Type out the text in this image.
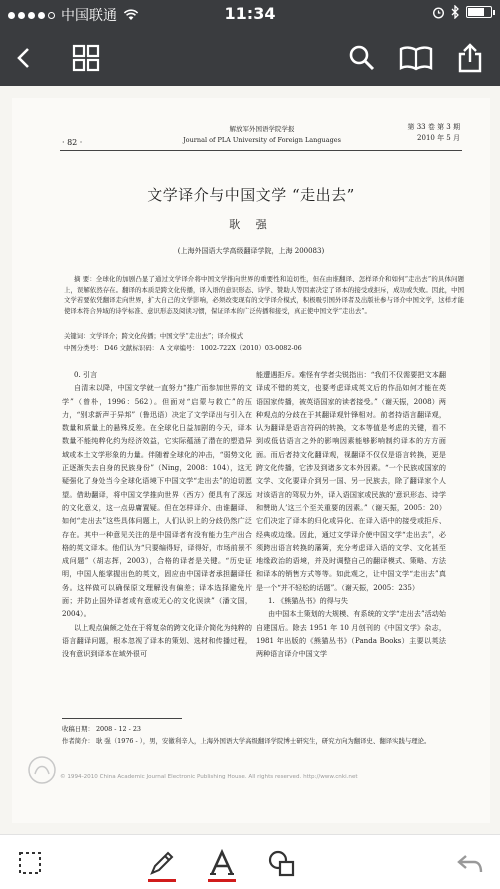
中国联通	11:34
· 82 ·
解放军外国语学院学报
Journal of PLA University of Foreign Languages
第 33 卷 第 3 期
2010 年 5 月
文学译介与中国文学 “走出去”
耿 强
(上海外国语大学高级翻译学院，上海 200083)
摘 要：全球化的加剧凸显了通过文学译介将中国文学推向世界的重要性和迫切性，但在由谁翻译、怎样译介和如何“走出去”的具体问题上，误解依然存在。翻译的本质是跨文化传播，译入语的意识形态、诗学、赞助人等因素决定了译本的接受或拒斥，成功或失败。因此，中国文学若要依凭翻译走向世界，扩大自己的文学影响，必须改变现有的文学译介模式，积极吸引国外译者及出版社参与译介中国文学，这样才能使译本符合异域的诗学标准、意识形态及阅读习惯，保证译本的广泛传播和接受，真正使中国文学“走出去”。
关键词：文学译介；跨文化传播；中国文学“走出去”；译介模式
中图分类号： D46 文献标识码： A 文章编号： 1002-722X（2010）03-0082-06

0. 引言

自清末以降，中国文学就一直努力“推广而参加世界的文学”（曾朴，1996：562）。但面对“启蒙与救亡”的压力，“别求新声于异邦”（鲁迅语）决定了文学译出与引入在数量和质量上的悬殊反差。在全球化日益加剧的今天，译本数量不能纯粹化约为经济效益，它实际蕴涵了潜在的塑造异域或本土文学形象的力量。伴随着全球化的冲击，“弱势文化正逐渐失去自身的民族身份”（Ning，2008：104），这无疑强化了身处当今全球化语境下中国文学“走出去”的迫切愿望。借助翻译，将中国文学推向世界（西方）便具有了深远的文化意义，这一点毋庸置疑。但在怎样译介、由谁翻译、如何“走出去”这些具体问题上，人们认识上的分歧仍然广泛存在。其中一种意见关注的是中国译者有没有能力生产出合格的英文译本。他们认为“只要编得好，译得好，市场前景不成问题”（胡志挥，2003），合格的译者是关键。“历史证明，中国人能掌握出色的英文，固应由中国译者承担翻译任务。这样做可以确保原文理解没有偏差；译本选择避免片面；并防止国外译者或有意或无心的文化误读”（潘文国，2004）。

以上观点偏颇之处在于将复杂的跨文化译介简化为纯粹的语言翻译问题，根本忽视了译本的策划、选材和传播过程，没有意识到译本在域外很可

能遭遇拒斥。难怪有学者尖锐指出：“我们不仅需要把文本翻译成不错的英文，也要考虑译成英文后的作品如何才能在英语国家传播，被英语国家的读者接受。”（谢天振，2008）两种观点的分歧在于其翻译观针锋相对。前者持语言翻译观，认为翻译是语言符码的转换，文本等值是考虑的关键，看不到或低估语言之外的影响因素能够影响制约译本的方方面面。而后者持文化翻译观，视翻译不仅仅是语言转换，更是跨文化传播，它涉及到诸多文本外因素。“一个民族或国家的文学、文化要译介到另一国、另一民族去，除了翻译家个人对该语言的驾驭力外，译入语国家或民族的‘意识形态、诗学和赞助人’这三个至关重要的因素。”（谢天振，2005：20）它们决定了译本的归化或异化、在译入语中的接受或拒斥、经典或边缘。因此，通过文学译介使中国文学“走出去”，必须跨出语言转换的藩篱，充分考虑译入语的文学、文化甚至地缘政治的语境，并及时调整自己的翻译模式、策略、方法和译本的销售方式等等。如此观之，让中国文学“走出去”真是一个“并不轻松的话题”。（谢天振，2005：235）

1. 《熊猫丛书》的得与失

由中国本土策划的大规模、有系统的文学“走出去”活动始自建国后。除去 1951 年 10 月创刊的《中国文学》杂志，1981 年出版的《熊猫丛书》（Panda Books）主要以英法两种语言译介中国文学

收稿日期： 2008 - 12 - 23
作者简介： 耿 强（1976 - ），男，安徽利辛人，上海外国语大学高级翻译学院博士研究生，研究方向为翻译史、翻译实践与理论。
© 1994-2010 China Academic Journal Electronic Publishing House. All rights reserved. http://www.cnki.net
